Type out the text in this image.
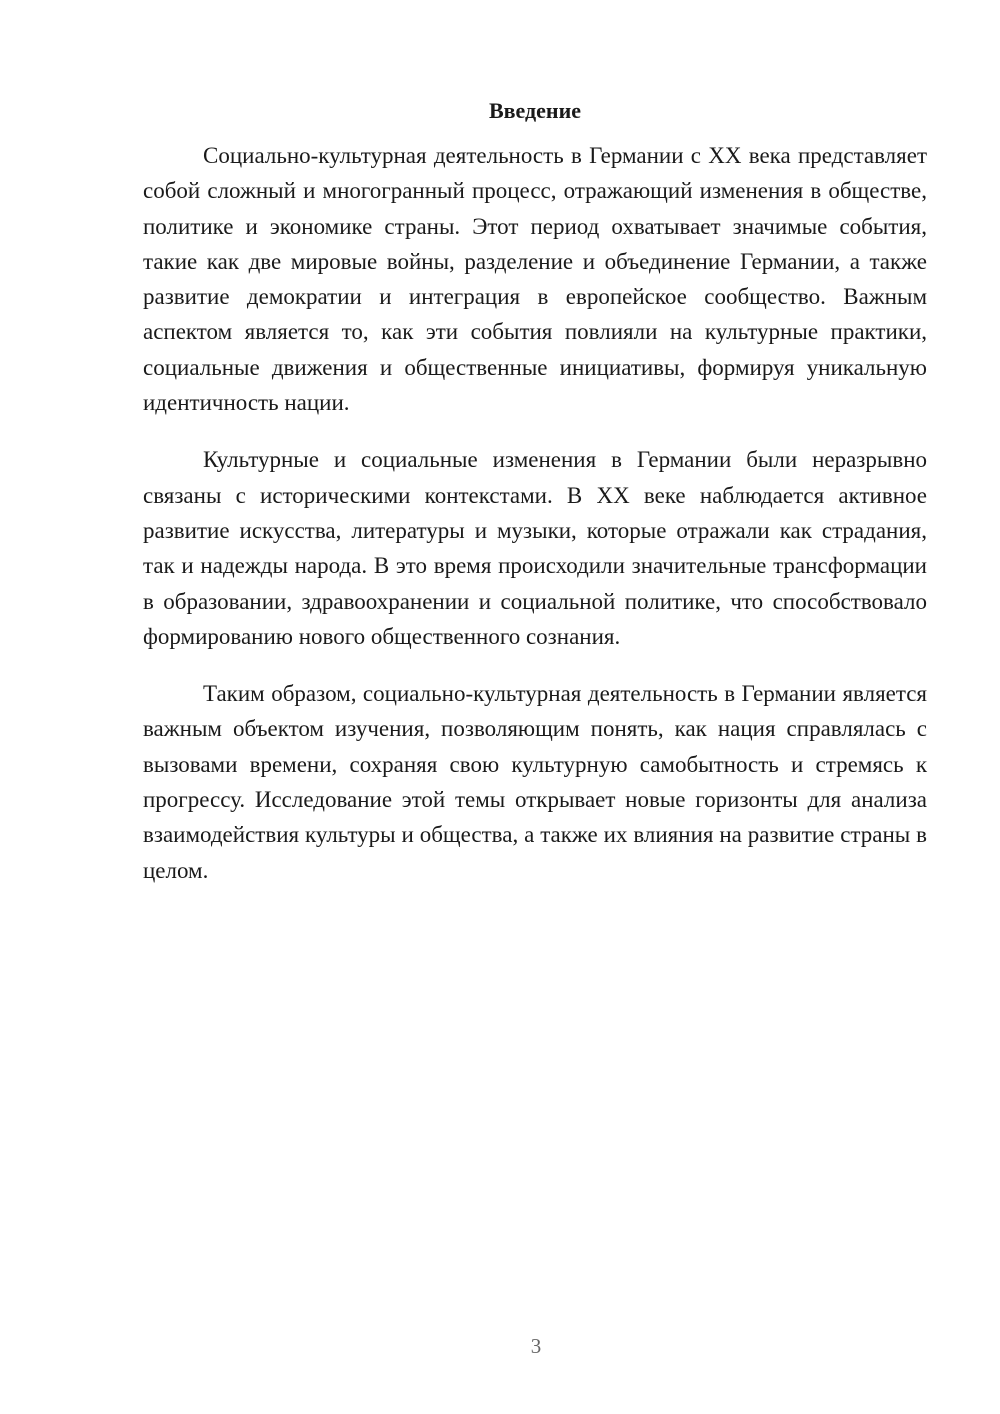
Введение

Социально-культурная деятельность в Германии с XX века представляет собой сложный и многогранный процесс, отражающий изменения в обществе, политике и экономике страны. Этот период охватывает значимые события, такие как две мировые войны, разделение и объединение Германии, а также развитие демократии и интеграция в европейское сообщество. Важным аспектом является то, как эти события повлияли на культурные практики, социальные движения и общественные инициативы, формируя уникальную идентичность нации.

Культурные и социальные изменения в Германии были неразрывно связаны с историческими контекстами. В XX веке наблюдается активное развитие искусства, литературы и музыки, которые отражали как страдания, так и надежды народа. В это время происходили значительные трансформации в образовании, здравоохранении и социальной политике, что способствовало формированию нового общественного сознания.

Таким образом, социально-культурная деятельность в Германии является важным объектом изучения, позволяющим понять, как нация справлялась с вызовами времени, сохраняя свою культурную самобытность и стремясь к прогрессу. Исследование этой темы открывает новые горизонты для анализа взаимодействия культуры и общества, а также их влияния на развитие страны в целом.

3
